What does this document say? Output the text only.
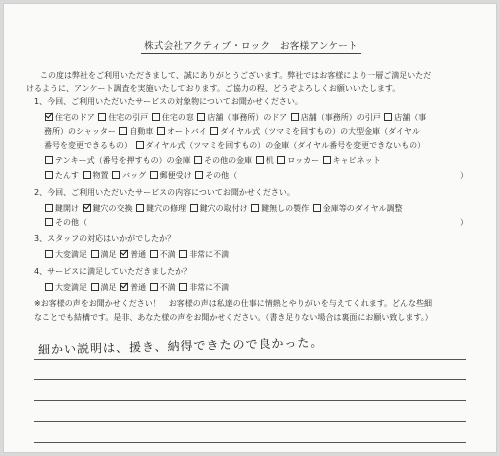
株式会社アクティブ・ロック　お客様アンケート
この度は弊社をご利用いただきまして、誠にありがとうございます。弊社ではお客様により一層ご満足いただ
けるように、アンケート調査を実施いたしております。ご協力の程、どうぞよろしくお願いいたします。
1、今回、ご利用いただいたサービスの対象物についてお聞かせください。
住宅のドア 住宅の引戸 住宅の窓 店舗（事務所）のドア 店舗（事務所）の引戸 店舗（事
務所）のシャッター 自動車 オートバイ ダイヤル式（ツマミを回すもの）の大型金庫（ダイヤル
番号を変更できるもの） ダイヤル式（ツマミを回すもの）の金庫（ダイヤル番号を変更できないもの）
テンキー式（番号を押すもの）の金庫 その他の金庫 机 ロッカー キャビネット
たんす 物置 バッグ 郵便受け その他（	）
2、今回、ご利用いただいたサービスの内容についてお聞かせください。
鍵開け 鍵穴の交換 鍵穴の修理 鍵穴の取付け 鍵無しの製作 金庫等のダイヤル調整
その他（	）
3、スタッフの対応はいかがでしたか？
大変満足 満足 普通 不満 非常に不満
4、サービスに満足していただきましたか？
大変満足 満足 普通 不満 非常に不満
※お客様の声をお聞かせください！　お客様の声は私達の仕事に情熱とやりがいを与えてくれます。どんな些細
なことでも結構です。是非、あなた様の声をお聞かせください。（書き足りない場合は裏面にお願い致します。）
細かい説明は、援き、納得できたので良かった。
